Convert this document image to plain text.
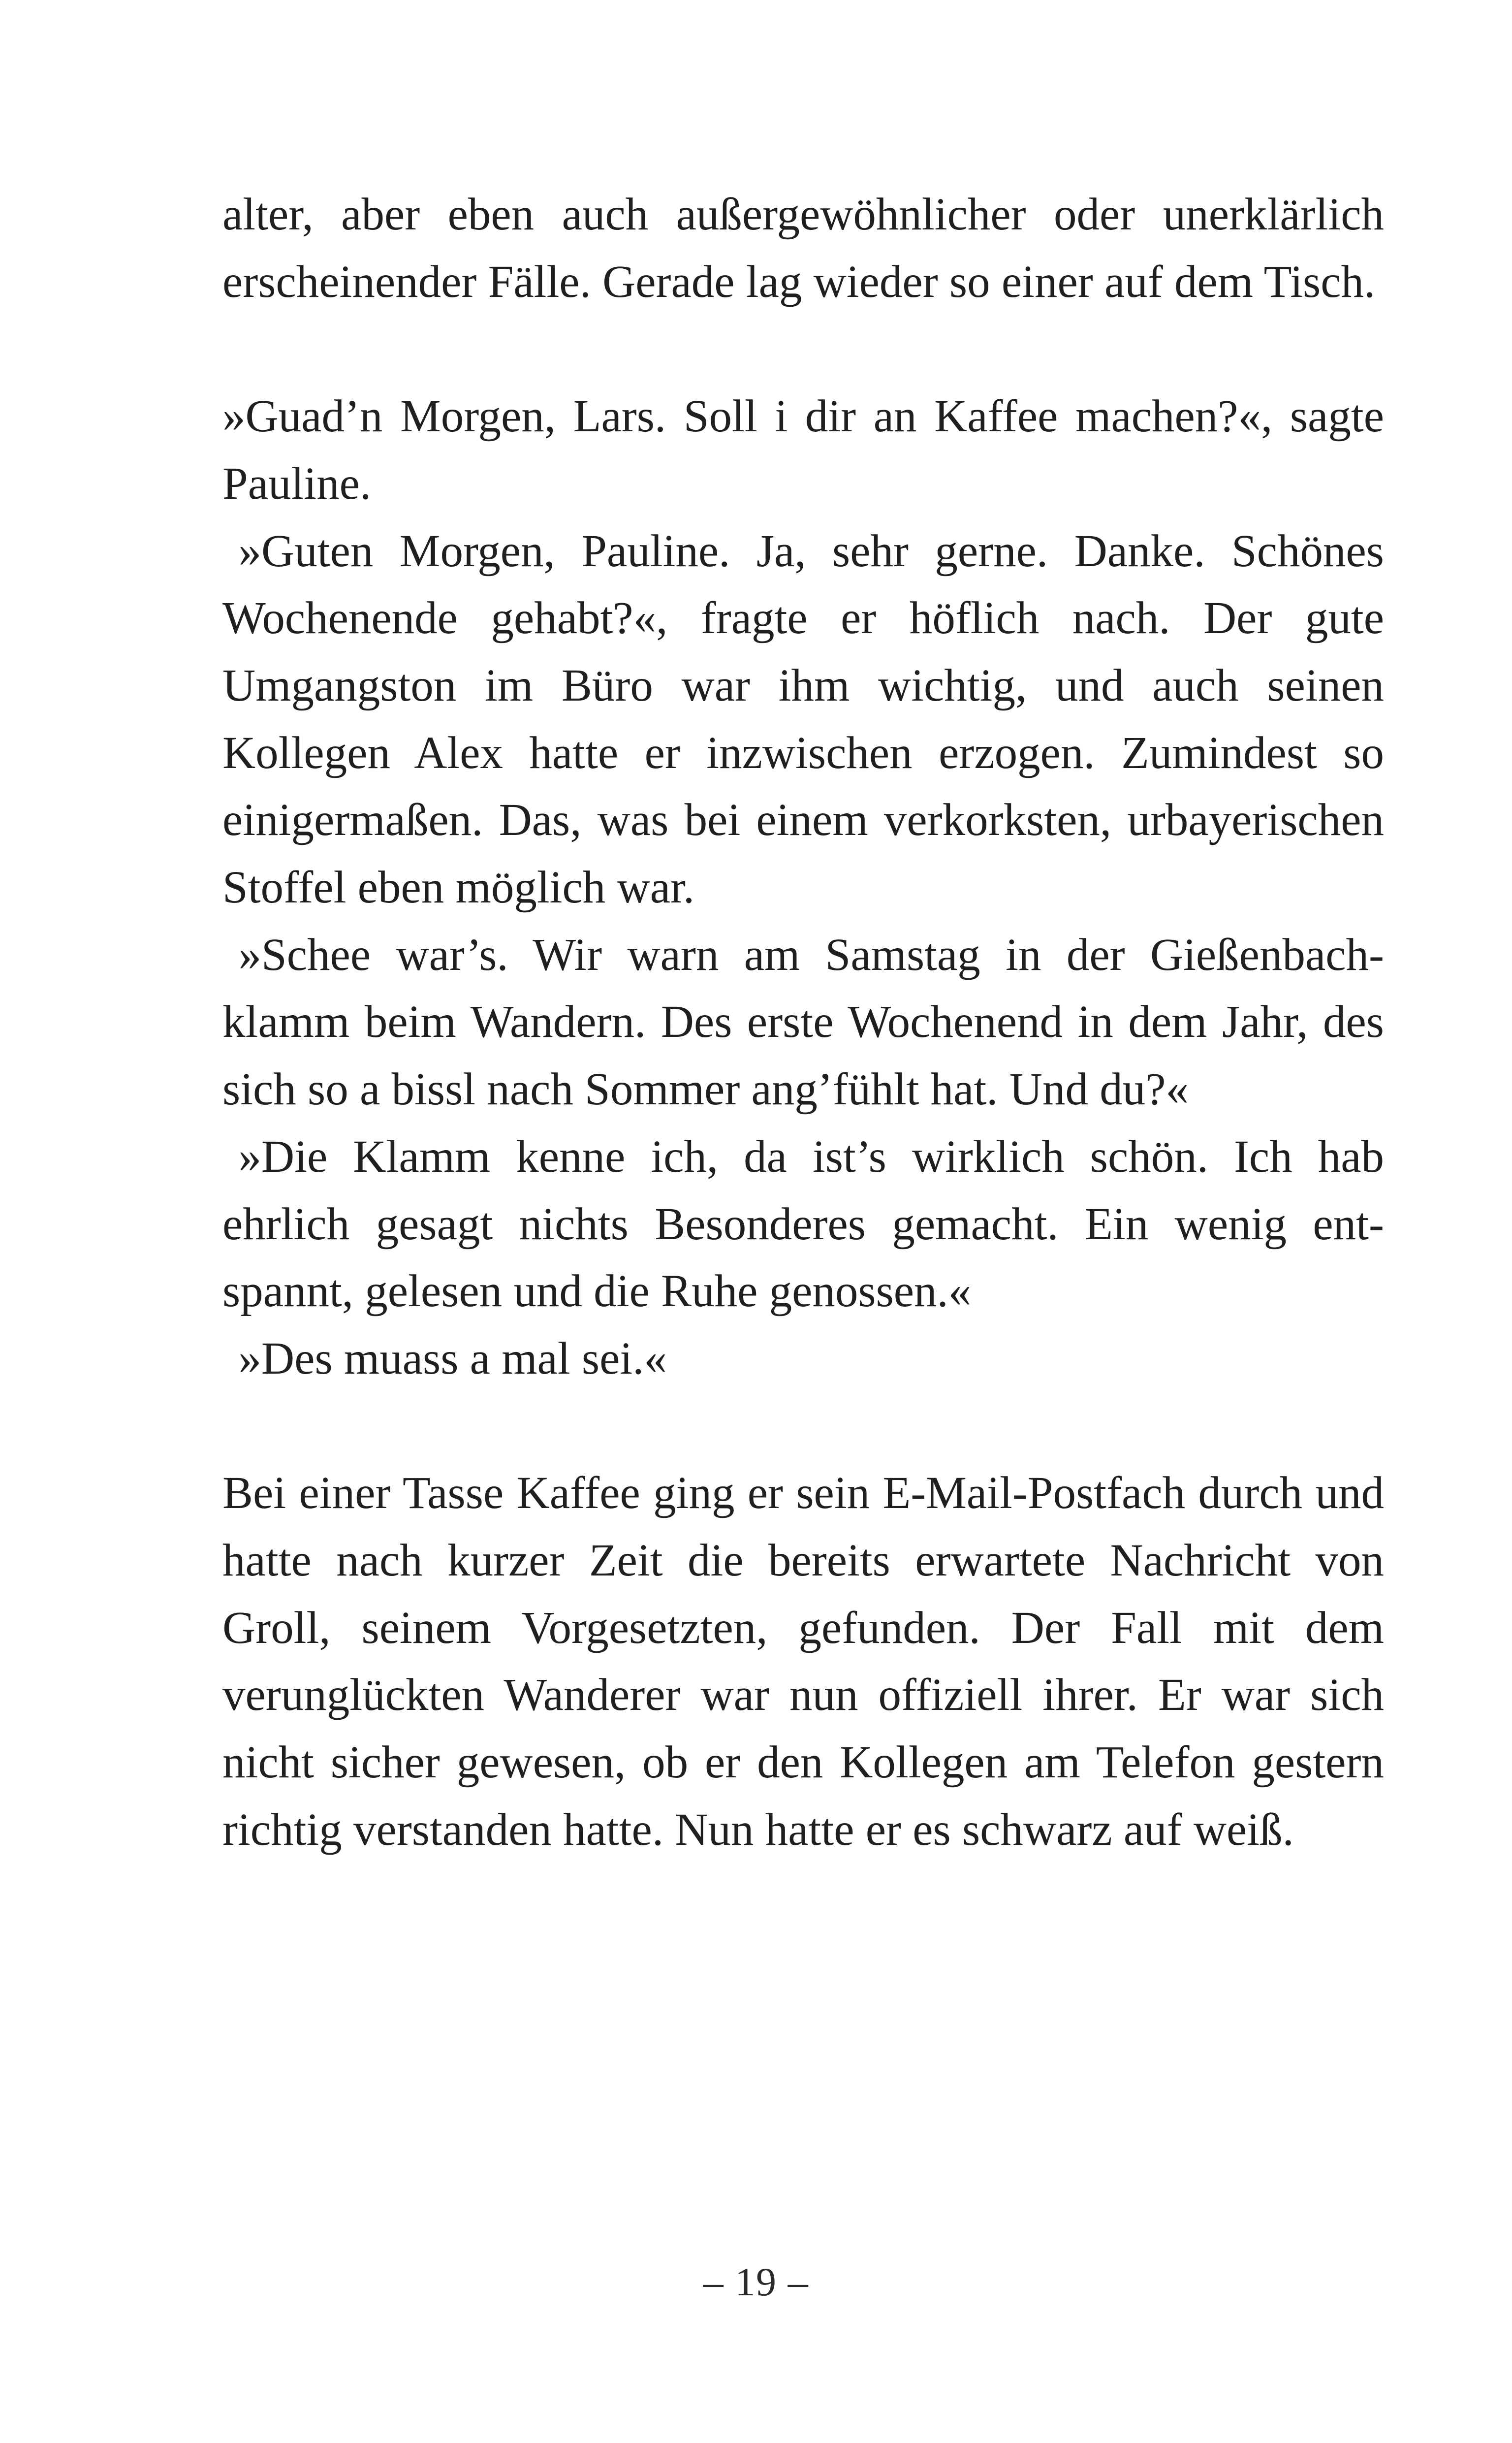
alter, aber eben auch außergewöhnlicher oder unerklärlich erscheinender Fälle. Gerade lag wieder so einer auf dem Tisch.

»Guad’n Morgen, Lars. Soll i dir an Kaffee machen?«, sagte Pauline.

»Guten Morgen, Pauline. Ja, sehr gerne. Danke. Schönes Wochenende gehabt?«, fragte er höflich nach. Der gute Umgangston im Büro war ihm wichtig, und auch seinen Kollegen Alex hatte er inzwischen erzogen. Zumindest so einigermaßen. Das, was bei einem verkorksten, urbayerischen Stoffel eben möglich war.

»Schee war’s. Wir warn am Samstag in der Gießenbachklamm beim Wandern. Des erste Wochenend in dem Jahr, des sich so a bissl nach Sommer ang’fühlt hat. Und du?«

»Die Klamm kenne ich, da ist’s wirklich schön. Ich hab ehrlich gesagt nichts Besonderes gemacht. Ein wenig entspannt, gelesen und die Ruhe genossen.«

»Des muass a mal sei.«

Bei einer Tasse Kaffee ging er sein E-Mail-Postfach durch und hatte nach kurzer Zeit die bereits erwartete Nachricht von Groll, seinem Vorgesetzten, gefunden. Der Fall mit dem verunglückten Wanderer war nun offiziell ihrer. Er war sich nicht sicher gewesen, ob er den Kollegen am Telefon gestern richtig verstanden hatte. Nun hatte er es schwarz auf weiß.

– 19 –
